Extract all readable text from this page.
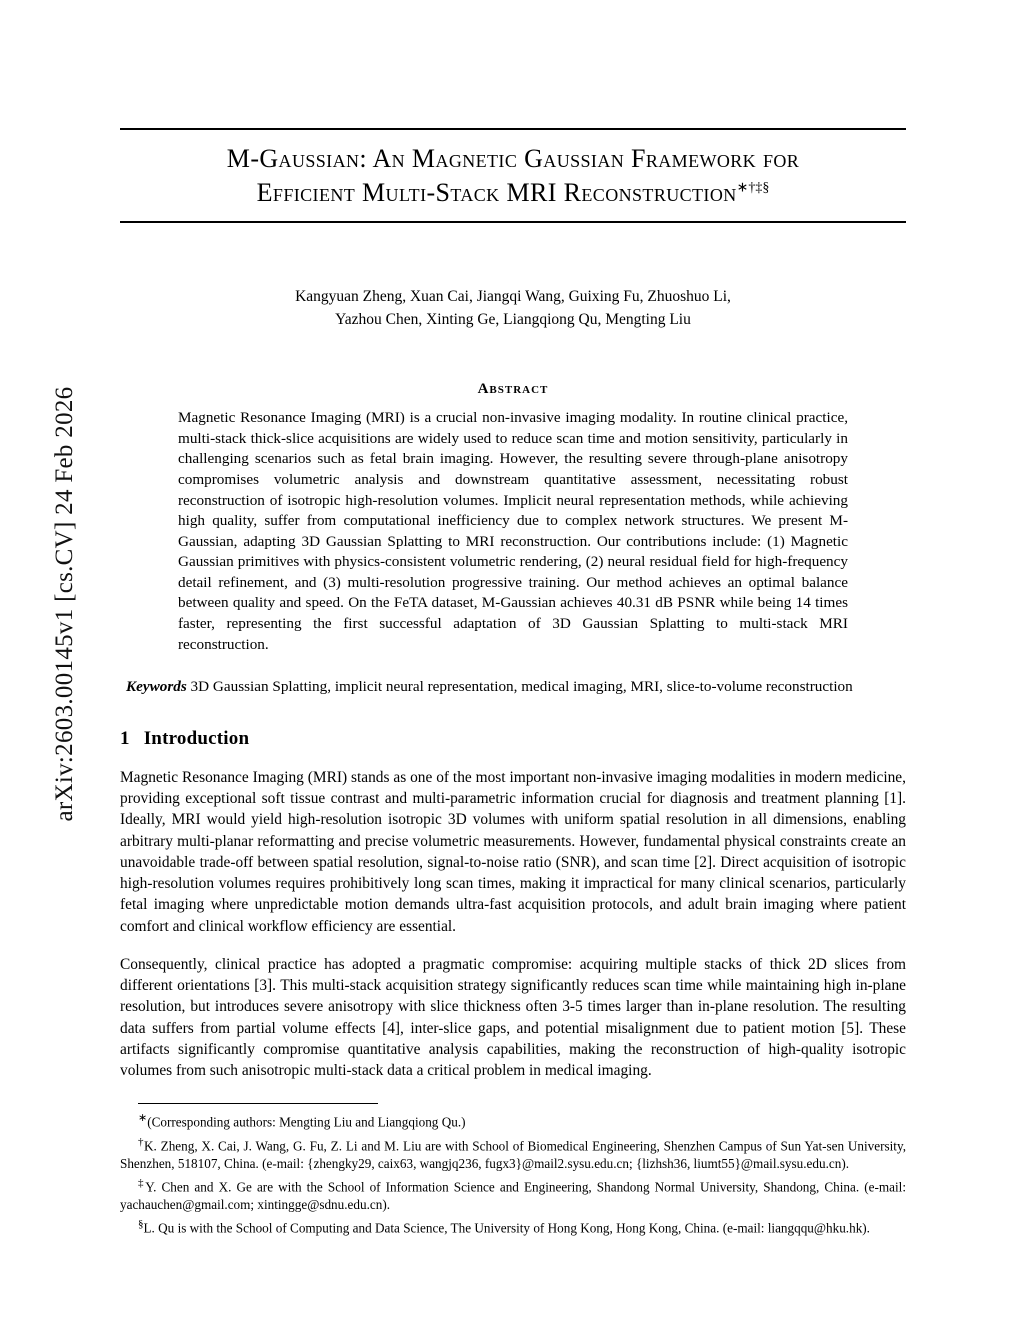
arXiv:2603.00145v1 [cs.CV] 24 Feb 2026
M-Gaussian: An Magnetic Gaussian Framework for
Efficient Multi-Stack MRI Reconstruction∗†‡§
Kangyuan Zheng, Xuan Cai, Jiangqi Wang, Guixing Fu, Zhuoshuo Li,
Yazhou Chen, Xinting Ge, Liangqiong Qu, Mengting Liu
Abstract
Magnetic Resonance Imaging (MRI) is a crucial non-invasive imaging modality. In routine clinical practice, multi-stack thick-slice acquisitions are widely used to reduce scan time and motion sensitivity, particularly in challenging scenarios such as fetal brain imaging. However, the resulting severe through-plane anisotropy compromises volumetric analysis and downstream quantitative assessment, necessitating robust reconstruction of isotropic high-resolution volumes. Implicit neural representation methods, while achieving high quality, suffer from computational inefficiency due to complex network structures. We present M-Gaussian, adapting 3D Gaussian Splatting to MRI reconstruction. Our contributions include: (1) Magnetic Gaussian primitives with physics-consistent volumetric rendering, (2) neural residual field for high-frequency detail refinement, and (3) multi-resolution progressive training. Our method achieves an optimal balance between quality and speed. On the FeTA dataset, M-Gaussian achieves 40.31 dB PSNR while being 14 times faster, representing the first successful adaptation of 3D Gaussian Splatting to multi-stack MRI reconstruction.
Keywords 3D Gaussian Splatting, implicit neural representation, medical imaging, MRI, slice-to-volume reconstruction
1 Introduction
Magnetic Resonance Imaging (MRI) stands as one of the most important non-invasive imaging modalities in modern medicine, providing exceptional soft tissue contrast and multi-parametric information crucial for diagnosis and treatment planning [1]. Ideally, MRI would yield high-resolution isotropic 3D volumes with uniform spatial resolution in all dimensions, enabling arbitrary multi-planar reformatting and precise volumetric measurements. However, fundamental physical constraints create an unavoidable trade-off between spatial resolution, signal-to-noise ratio (SNR), and scan time [2]. Direct acquisition of isotropic high-resolution volumes requires prohibitively long scan times, making it impractical for many clinical scenarios, particularly fetal imaging where unpredictable motion demands ultra-fast acquisition protocols, and adult brain imaging where patient comfort and clinical workflow efficiency are essential.
Consequently, clinical practice has adopted a pragmatic compromise: acquiring multiple stacks of thick 2D slices from different orientations [3]. This multi-stack acquisition strategy significantly reduces scan time while maintaining high in-plane resolution, but introduces severe anisotropy with slice thickness often 3-5 times larger than in-plane resolution. The resulting data suffers from partial volume effects [4], inter-slice gaps, and potential misalignment due to patient motion [5]. These artifacts significantly compromise quantitative analysis capabilities, making the reconstruction of high-quality isotropic volumes from such anisotropic multi-stack data a critical problem in medical imaging.

∗(Corresponding authors: Mengting Liu and Liangqiong Qu.)

†K. Zheng, X. Cai, J. Wang, G. Fu, Z. Li and M. Liu are with School of Biomedical Engineering, Shenzhen Campus of Sun Yat-sen University, Shenzhen, 518107, China. (e-mail: {zhengky29, caix63, wangjq236, fugx3}@mail2.sysu.edu.cn; {lizhsh36, liumt55}@mail.sysu.edu.cn).

‡Y. Chen and X. Ge are with the School of Information Science and Engineering, Shandong Normal University, Shandong, China. (e-mail: yachauchen@gmail.com; xintingge@sdnu.edu.cn).

§L. Qu is with the School of Computing and Data Science, The University of Hong Kong, Hong Kong, China. (e-mail: liangqqu@hku.hk).
